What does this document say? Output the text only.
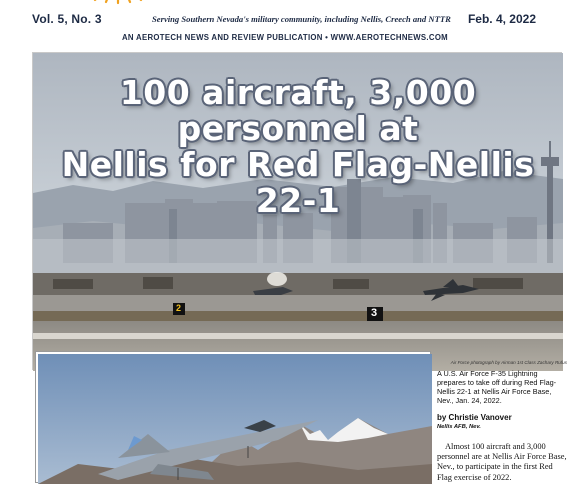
Vol. 5, No. 3	Serving Southern Nevada's military community, including Nellis, Creech and NTTR Feb. 4, 2022
AN AEROTECH NEWS AND REVIEW PUBLICATION • WWW.AEROTECHNEWS.COM
100 aircraft, 3,000 personnel at
Nellis for Red Flag-Nellis 22-1
2	3
Air Force photograph by Airman 1st Class Zachary Rufus
A U.S. Air Force F-35 Lightning prepares to take off during Red Flag-Nellis 22-1 at Nellis Air Force Base, Nev., Jan. 24, 2022.
by Christie Vanover
Nellis AFB, Nev.
Almost 100 aircraft and 3,000 personnel are at Nellis Air Force Base, Nev., to participate in the first Red Flag exercise of 2022.
